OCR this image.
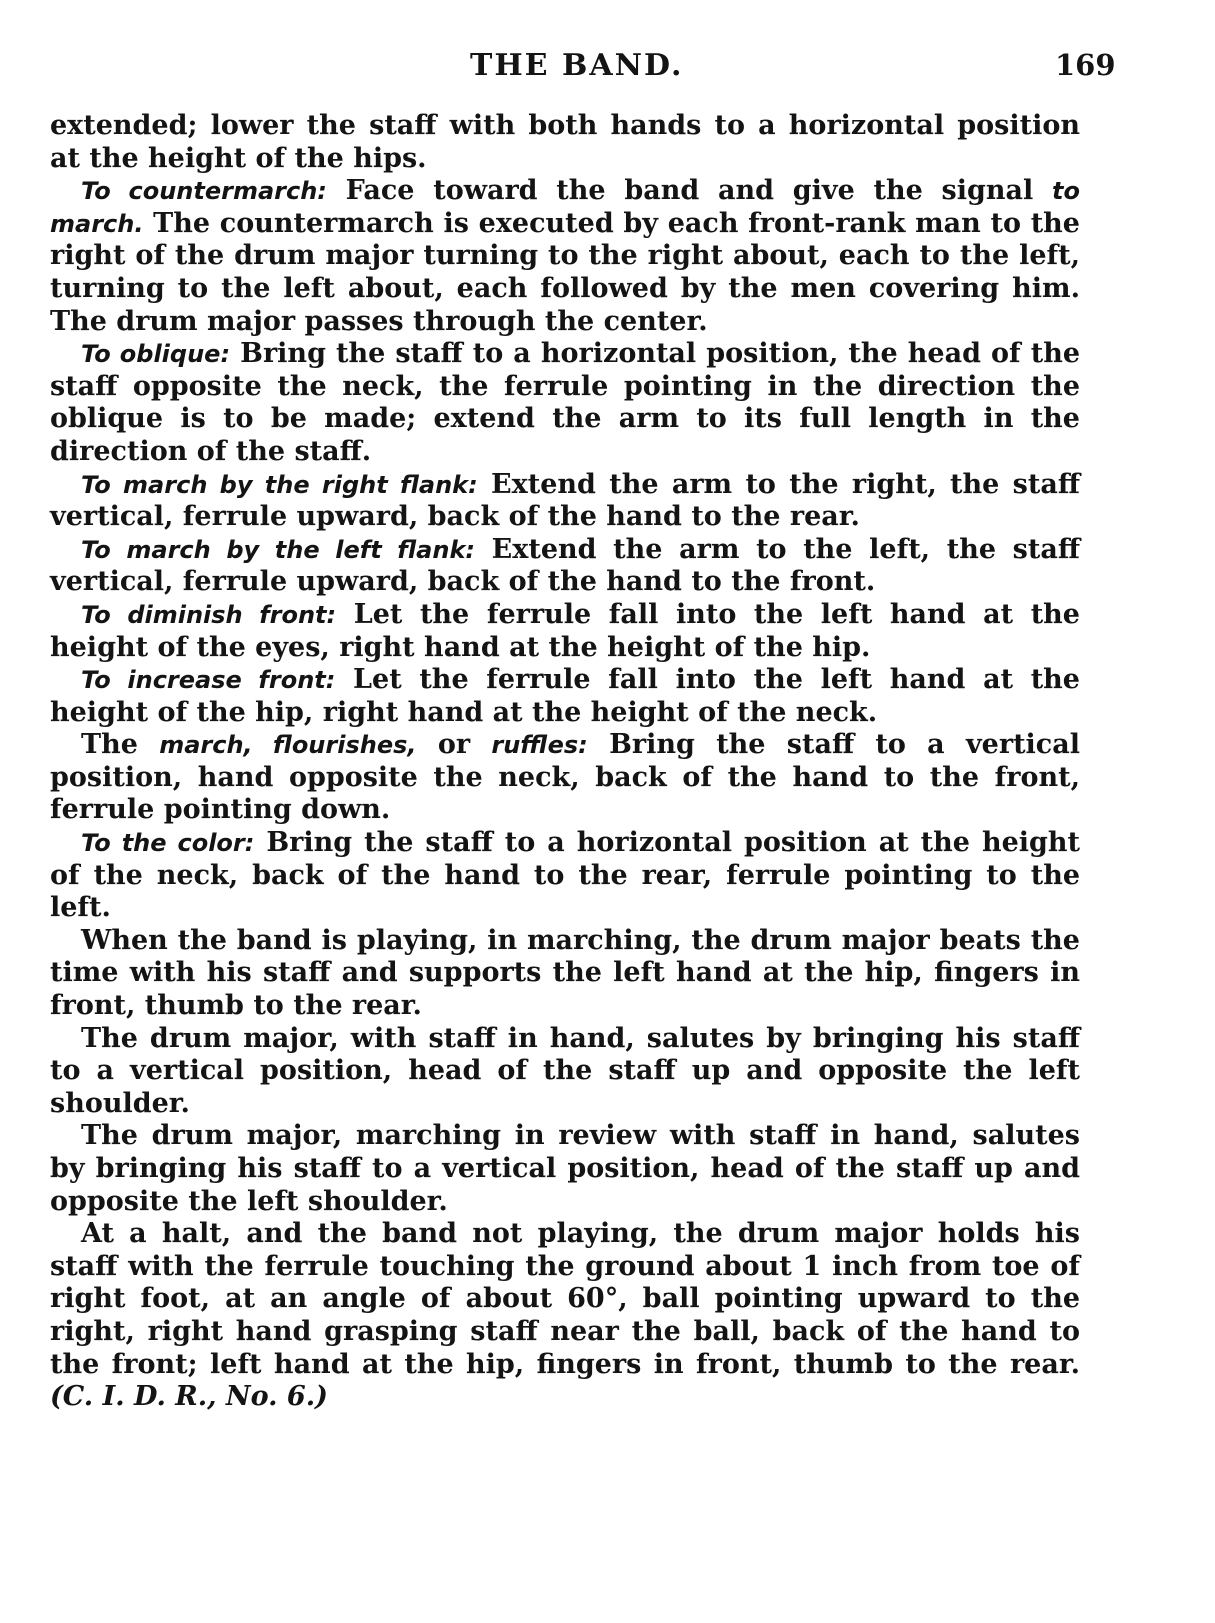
THE BAND.	169

extended; lower the staff with both hands to a horizontal position at the height of the hips.

To countermarch: Face toward the band and give the signal to march. The countermarch is executed by each front-rank man to the right of the drum major turning to the right about, each to the left, turning to the left about, each followed by the men covering him. The drum major passes through the center.

To oblique: Bring the staff to a horizontal position, the head of the staff opposite the neck, the ferrule pointing in the direction the oblique is to be made; extend the arm to its full length in the direction of the staff.

To march by the right flank: Extend the arm to the right, the staff vertical, ferrule upward, back of the hand to the rear.

To march by the left flank: Extend the arm to the left, the staff vertical, ferrule upward, back of the hand to the front.

To diminish front: Let the ferrule fall into the left hand at the height of the eyes, right hand at the height of the hip.

To increase front: Let the ferrule fall into the left hand at the height of the hip, right hand at the height of the neck.

The march, flourishes, or ruffles: Bring the staff to a vertical position, hand opposite the neck, back of the hand to the front, ferrule pointing down.

To the color: Bring the staff to a horizontal position at the height of the neck, back of the hand to the rear, ferrule pointing to the left.

When the band is playing, in marching, the drum major beats the time with his staff and supports the left hand at the hip, fingers in front, thumb to the rear.

The drum major, with staff in hand, salutes by bringing his staff to a vertical position, head of the staff up and opposite the left shoulder.

The drum major, marching in review with staff in hand, salutes by bringing his staff to a vertical position, head of the staff up and opposite the left shoulder.

At a halt, and the band not playing, the drum major holds his staff with the ferrule touching the ground about 1 inch from toe of right foot, at an angle of about 60°, ball pointing upward to the right, right hand grasping staff near the ball, back of the hand to the front; left hand at the hip, fingers in front, thumb to the rear. (C. I. D. R., No. 6.)
